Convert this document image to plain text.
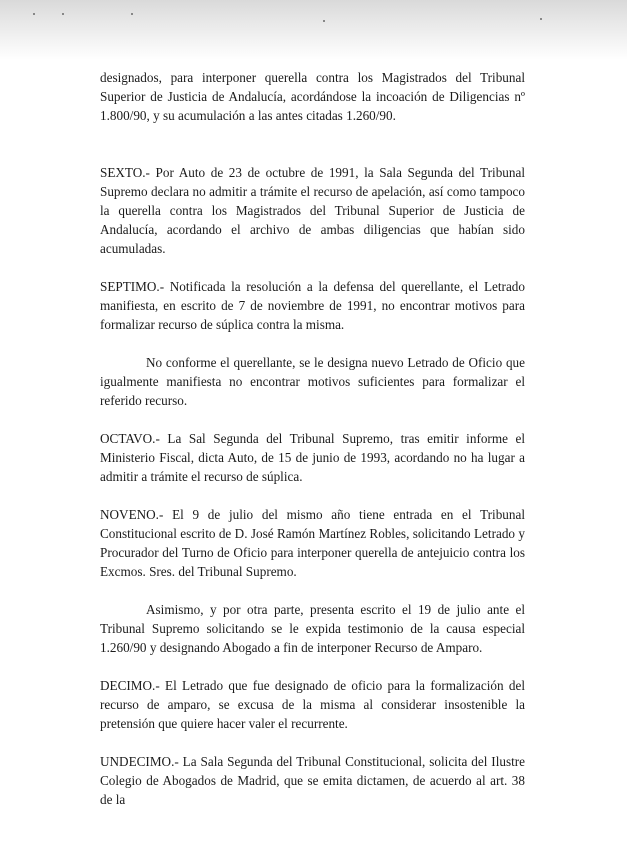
designados, para interponer querella contra los Magistrados del Tribunal Superior de Justicia de Andalucía, acordándose la incoación de Diligencias nº 1.800/90, y su acumulación a las antes citadas 1.260/90.

SEXTO.- Por Auto de 23 de octubre de 1991, la Sala Segunda del Tribunal Supremo declara no admitir a trámite el recurso de apelación, así como tampoco la querella contra los Magistrados del Tribunal Superior de Justicia de Andalucía, acordando el archivo de ambas diligencias que habían sido acumuladas.

SEPTIMO.- Notificada la resolución a la defensa del querellante, el Letrado manifiesta, en escrito de 7 de noviembre de 1991, no encontrar motivos para formalizar recurso de súplica contra la misma.

No conforme el querellante, se le designa nuevo Letrado de Oficio que igualmente manifiesta no encontrar motivos suficientes para formalizar el referido recurso.

OCTAVO.- La Sal Segunda del Tribunal Supremo, tras emitir informe el Ministerio Fiscal, dicta Auto, de 15 de junio de 1993, acordando no ha lugar a admitir a trámite el recurso de súplica.

NOVENO.- El 9 de julio del mismo año tiene entrada en el Tribunal Constitucional escrito de D. José Ramón Martínez Robles, solicitando Letrado y Procurador del Turno de Oficio para interponer querella de antejuicio contra los Excmos. Sres. del Tribunal Supremo.

Asimismo, y por otra parte, presenta escrito el 19 de julio ante el Tribunal Supremo solicitando se le expida testimonio de la causa especial 1.260/90 y designando Abogado a fin de interponer Recurso de Amparo.

DECIMO.- El Letrado que fue designado de oficio para la formalización del recurso de amparo, se excusa de la misma al considerar insostenible la pretensión que quiere hacer valer el recurrente.

UNDECIMO.- La Sala Segunda del Tribunal Constitucional, solicita del Ilustre Colegio de Abogados de Madrid, que se emita dictamen, de acuerdo al art. 38 de la
